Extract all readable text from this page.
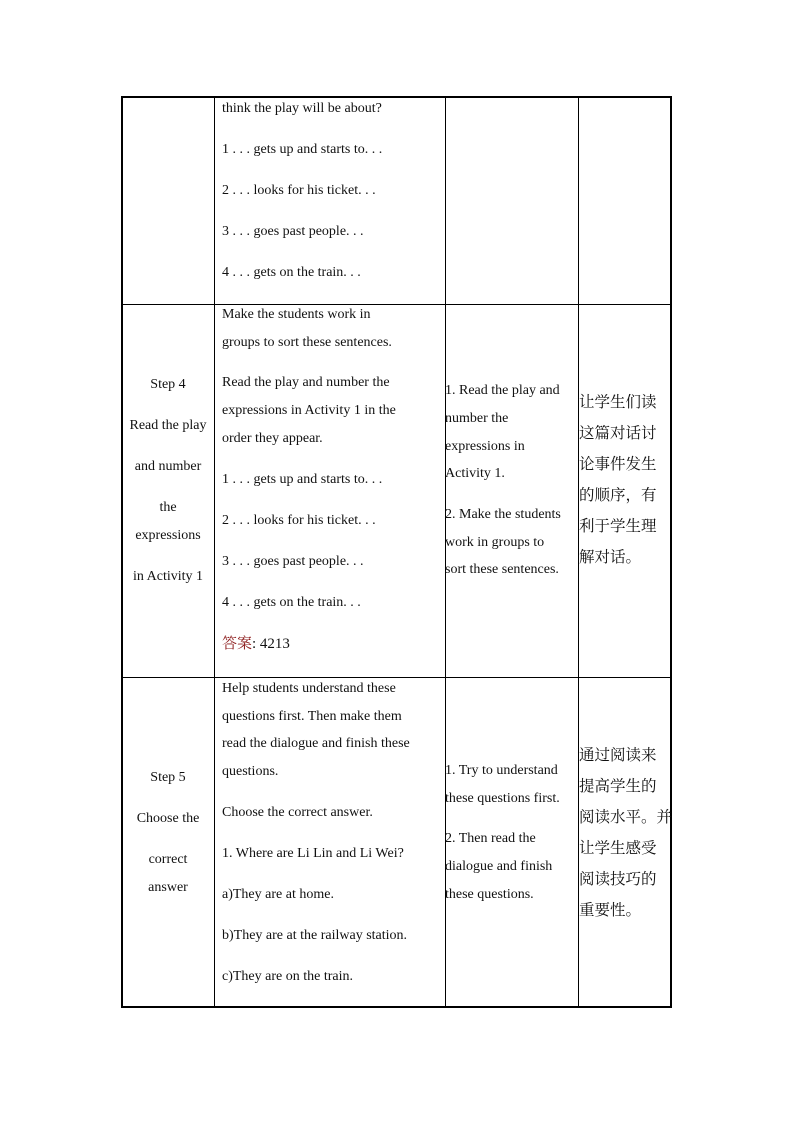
think the play will be about?
1 . . . gets up and starts to. . .
2 . . . looks for his ticket. . .
3 . . . goes past people. . .
4 . . . gets on the train. . .
Step 4
Read the play
and number
the
expressions
in Activity 1
Make the students work in
groups to sort these sentences.
Read the play and number the
expressions in Activity 1 in the
order they appear.
1 . . . gets up and starts to. . .
2 . . . looks for his ticket. . .
3 . . . goes past people. . .
4 . . . gets on the train. . .
答案: 4213
1. Read the play and
number the
expressions in
Activity 1.
2. Make the students
work in groups to
sort these sentences.
让学生们读
这篇对话讨
论事件发生
的顺序，有
利于学生理
解对话。
Step 5
Choose the
correct
answer
Help students understand these
questions first. Then make them
read the dialogue and finish these
questions.
Choose the correct answer.
1. Where are Li Lin and Li Wei?
a)They are at home.
b)They are at the railway station.
c)They are on the train.
1. Try to understand
these questions first.
2. Then read the
dialogue and finish
these questions.
通过阅读来
提高学生的
阅读水平。并
让学生感受
阅读技巧的
重要性。
